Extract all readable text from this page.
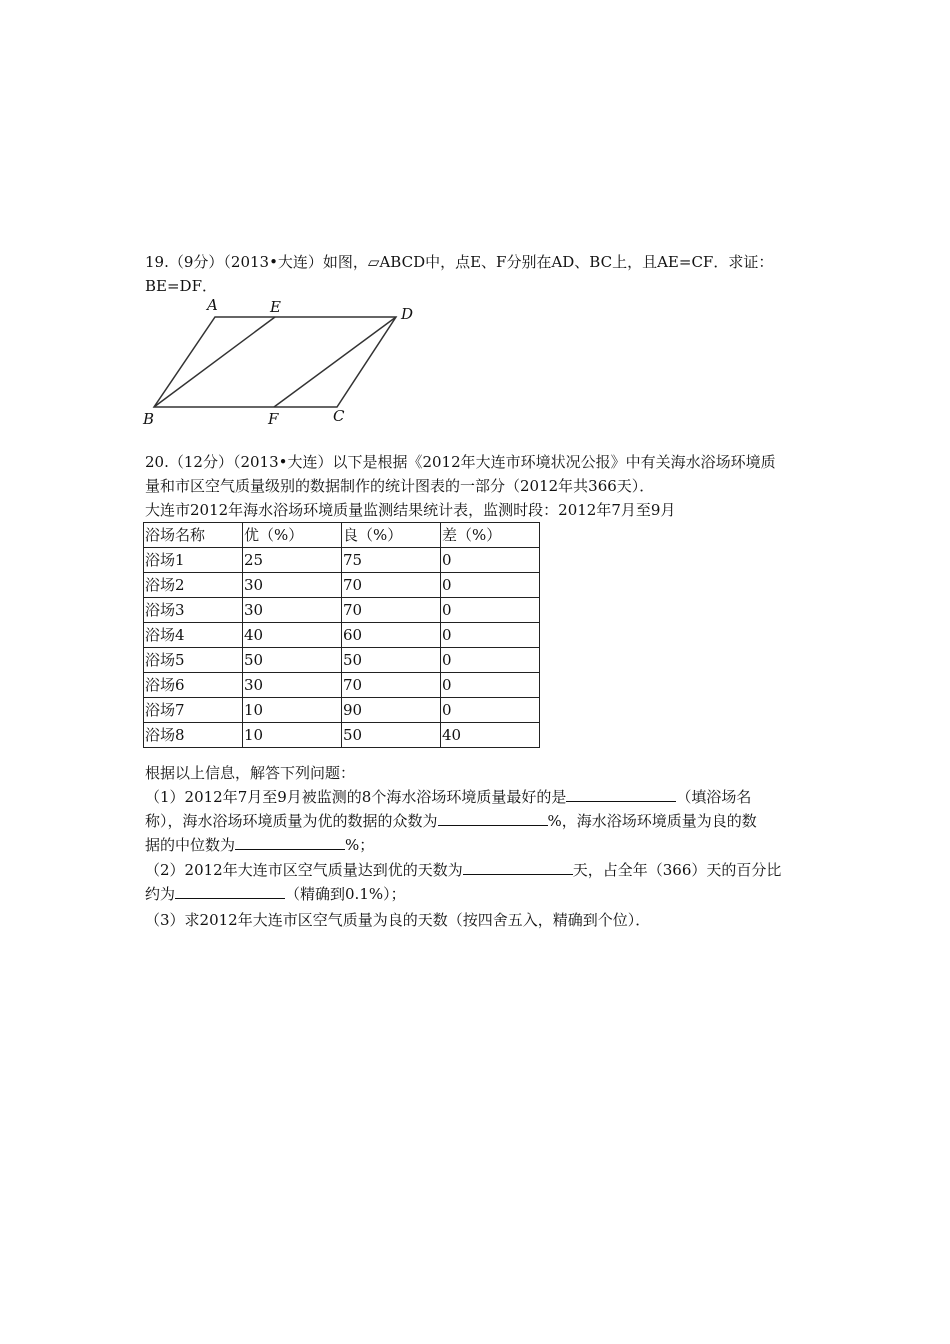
19.（9分）（2013•大连）如图，▱ABCD中，点E、F分别在AD、BC上，且AE=CF．求证：
BE=DF．
A	E	D
B	F	C
20.（12分）（2013•大连）以下是根据《2012年大连市环境状况公报》中有关海水浴场环境质
量和市区空气质量级别的数据制作的统计图表的一部分（2012年共366天）．
大连市2012年海水浴场环境质量监测结果统计表，监测时段：2012年7月至9月
浴场名称	优（%）	良（%）	差（%）
浴场1	25	75	0
浴场2	30	70	0
浴场3	30	70	0
浴场4	40	60	0
浴场5	50	50	0
浴场6	30	70	0
浴场7	10	90	0
浴场8	10	50	40
根据以上信息，解答下列问题：
（1）2012年7月至9月被监测的8个海水浴场环境质量最好的是	（填浴场名
称），海水浴场环境质量为优的数据的众数为	%，海水浴场环境质量为良的数
据的中位数为	%；
（2）2012年大连市区空气质量达到优的天数为	天，占全年（366）天的百分比
约为	（精确到0.1%）；
（3）求2012年大连市区空气质量为良的天数（按四舍五入，精确到个位）．
